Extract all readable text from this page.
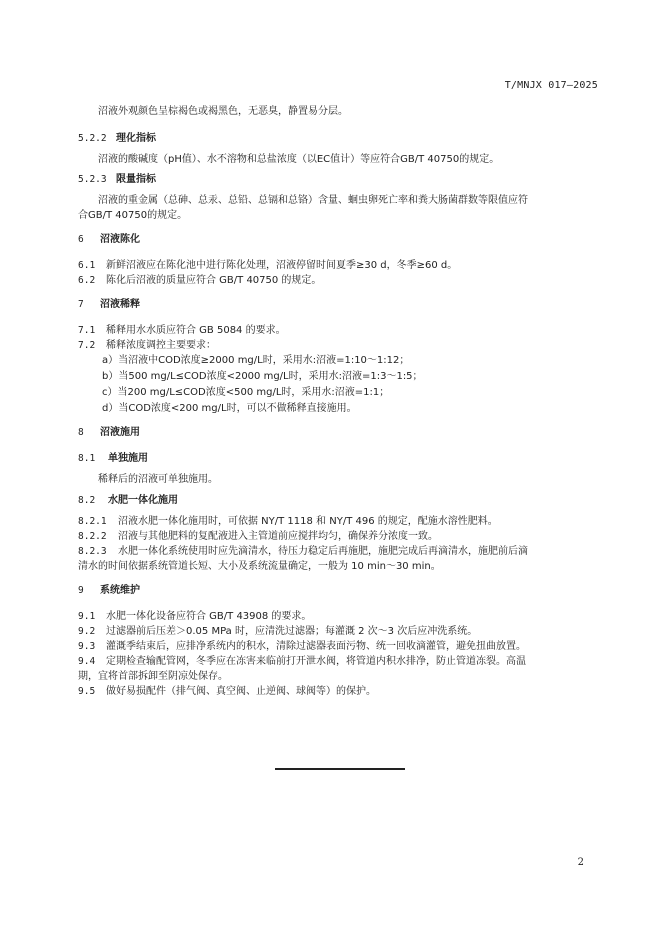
T/MNJX 017—2025
沼液外观颜色呈棕褐色或褐黑色，无恶臭，静置易分层。
5.2.2 理化指标
沼液的酸碱度（pH值）、水不溶物和总盐浓度（以EC值计）等应符合GB/T 40750的规定。
5.2.3 限量指标
沼液的重金属（总砷、总汞、总铅、总镉和总铬）含量、蛔虫卵死亡率和粪大肠菌群数等限值应符
合GB/T 40750的规定。
6 沼液陈化
6.1 新鲜沼液应在陈化池中进行陈化处理，沼液停留时间夏季≥30 d，冬季≥60 d。
6.2 陈化后沼液的质量应符合 GB/T 40750 的规定。
7 沼液稀释
7.1 稀释用水水质应符合 GB 5084 的要求。
7.2 稀释浓度调控主要要求：
a）当沼液中COD浓度≥2000 mg/L时，采用水:沼液=1:10～1:12；
b）当500 mg/L≤COD浓度<2000 mg/L时，采用水:沼液=1:3～1:5；
c）当200 mg/L≤COD浓度<500 mg/L时，采用水:沼液=1:1；
d）当COD浓度<200 mg/L时，可以不做稀释直接施用。
8 沼液施用
8.1 单独施用
稀释后的沼液可单独施用。
8.2 水肥一体化施用
8.2.1 沼液水肥一体化施用时，可依据 NY/T 1118 和 NY/T 496 的规定，配施水溶性肥料。
8.2.2 沼液与其他肥料的复配液进入主管道前应搅拌均匀，确保养分浓度一致。
8.2.3 水肥一体化系统使用时应先滴清水，待压力稳定后再施肥，施肥完成后再滴清水，施肥前后滴
清水的时间依据系统管道长短、大小及系统流量确定，一般为 10 min～30 min。
9 系统维护
9.1 水肥一体化设备应符合 GB/T 43908 的要求。
9.2 过滤器前后压差＞0.05 MPa 时，应清洗过滤器；每灌溉 2 次～3 次后应冲洗系统。
9.3 灌溉季结束后，应排净系统内的积水，清除过滤器表面污物、统一回收滴灌管，避免扭曲放置。
9.4 定期检查输配管网，冬季应在冻害来临前打开泄水阀，将管道内积水排净，防止管道冻裂。高温
期，宜将首部拆卸至阴凉处保存。
9.5 做好易损配件（排气阀、真空阀、止逆阀、球阀等）的保护。
2
